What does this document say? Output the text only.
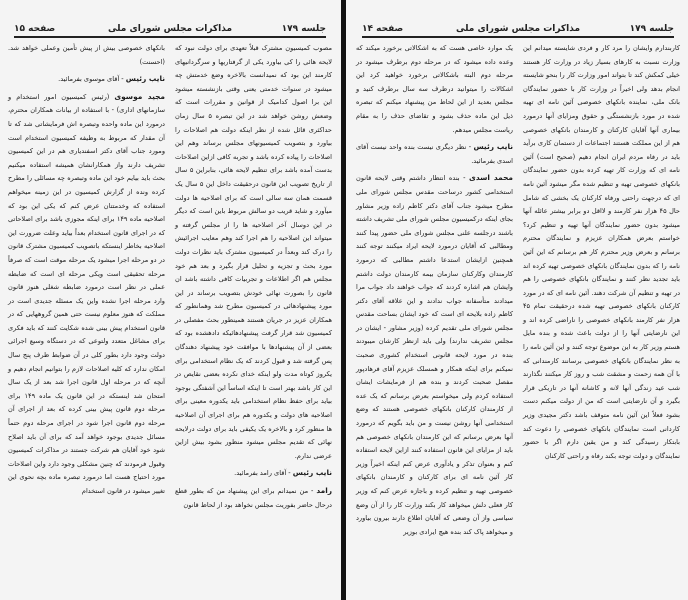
جلسه ۱۷۹
مذاکرات مجلس شورای ملی
صفحه ۱۴

یک موارد خاصی هست که به اشکالاتی برخورد میکند که وعده داده میشود که در مرحله دوم برطرف میشود در مرحله دوم البته باشکالاتی برخورد خواهید کرد این اشکالات را میتوانید درظرف سه سال برطرف کنید و مجلس بعدید از این لحاظ من پیشنهاد میکنم که تبصره ذیل این ماده حذف بشود و تقاضای حذف را به مقام ریاست مجلس میدهم.

نایب رئیس - نظر دیگری نیست بنده واحد نیست آقای اسدی بفرمائید.

محمد اسدی - بنده انتظار داشتم وقتی لایحه قانون استخدامی کشور درساحت مقدس مجلس شورای ملی مطرح میشود جناب آقای دکتر کاظم زاده وزیر مشاور بجای اینکه درکمیسیون مجلس شورای ملی تشریف داشته باشند درجلسه علنی مجلس شورای ملی حضور پیدا کنند ومطالبی که آقایان درمورد لایحه ایراد میکنند توجه کنند همچنین ازایشان استدعا داشتم مطالبی که درمورد کارمندان وکارکنان سازمان بیمه کارمندان دولت داشتم وایشان هم اشاره کردند که جواب خواهند داد جواب مرا میدادند متأسفانه جواب ندادند و این علاقه آقای دکتر کاظم زاده بلایحه ای است که خود ایشان بساحت مقدس مجلس شورای ملی تقدیم کرده (وزیر مشاور - ایشان در مجلس تشریف ندارند) ولی باید ازنظر کارشان میبودند بنده در مورد لایحه قانونی استخدام کشوری صحبت نمیکنم برای اینکه همکار و همسلک عزیزم آقای فرهادپور مفصل صحبت کردند و بنده هم از فرمایشات ایشان استفاده کردم ولی میخواستم بعرض برسانم که یک عده از کارمندان کارکنان بانکهای خصوصی هستند که وضع استخدامی آنها روشن نیست و من باید بگویم که درمورد آنها بعرض برسانم که این کارمندان بانکهای خصوصی هم باید از مزایای این قانون استفاده کنند ازاین لایحه استفاده کنم و بعنوان تذکر و یادآوری عرض کنم اینکه اخیراً وزیر کار آئین نامه ای برای کارکنان و کارمندان بانکهای خصوصی تهیه و تنظیم کرده و باجازه عرض کنم که وزیر کار فعلی دلش میخواهد کار بکند وزارت کار را از آن وضع سیاسی واز آن وضعی که آقایان اطلاع دارند بیرون بیاورد و میخواهد پاک کند بنده هیچ ایرادی بوزیر

کاربندارم وایشان را مرد کار و فردی شایسته میدانم این وزارت نسبت به کارهای بسیار زیاد در وزارت کار هستند خیلی کمکش کند تا بتواند امور وزارت کار را بنحو شایسته انجام بدهد ولی اخیراً در وزارت کار با حضور نمایندگان بانک ملی، نماینده بانکهای خصوصی آئین نامه ای تهیه شده در مورد بازنشستگی و حقوق ومزایای آنها درمورد بیماری آنها آقایان کارکنان و کارمندان بانکهای خصوصی هم از این مملکت هستند اجتماعات از دستمان کاری برآید باید در رفاه مردم ایران انجام دهیم (صحیح است) آئین نامه ای که وزارت کار تهیه کرده بدون حضور نمایندگان بانکهای خصوصی تهیه و تنظیم شده مگر میشود آئین نامه ای که درجهت راحتی ورفاه کارکنان یک بخشی که شامل حال ۴۵ هزار نفر کارمند و لااقل دو برابر بیشتر عائله آنها میشود بدون حضور نمایندگان آنها تهیه و تنظیم کرد؟ خواستم بعرض همکاران عزیزم و نمایندگان محترم برسانم و بعرض وزیر محترم کار هم برسانم که این آئین نامه را که بدون نمایندگان بانکهای خصوصی تهیه کرده اند باید تجدید نظر کنند و نمایندگان بانکهای خصوصی را هم در تهیه و تنظیم آن شرکت دهند. آئین نامه ای که در مورد کارکنان بانکهای خصوصی تهیه شده درحقیقت تمام ۴۵ هزار نفر کارمند بانکهای خصوصی را ناراضی کرده اند و این نارضایتی آنها را از دولت باعث شده و بنده مایل هستم وزیر کار به این موضوع توجه کنند و این آئین نامه را به نظر نمایندگان بانکهای خصوصی برسانند کارمندانی که با آن همه زحمت و مشقت شب و روز کار میکنند نگذارند شب عید زندگی آنها لانه و کاشانه آنها در تاریکی قرار بگیرد و آن نارضایتی است که من از دولت میکنم دست بشود فعلاً این آئین نامه متوقف باشد دکتر مجیدی وزیر کاردانی است نمایندگان بانکهای خصوصی را دعوت کند بابتکار رسیدگی کند و من یقین دارم اگر با حضور نمایندگان و دولت توجه بکند رفاه و راحتی کارکنان

جلسه ۱۷۹
مذاکرات مجلس شورای ملی
صفحه ۱۵

بانکهای خصوصی بیش از پیش تأمین وعملی خواهد شد. (احسنت)

نایب رئیس - آقای موسوی بفرمائید.

مجید موسوی (رئیس کمیسیون امور استخدام و سازمانهای اداری) - با استفاده از بیانات همکاران محترم، درمورد این ماده واحده وتبصره اش فرمایشاتی شد که تا آن مقدار که مربوط به وظیفه کمیسیون استخدام است ومورد جناب آقای دکتر اسفندیاری هم در این کمیسیون تشریف دارند واز همکارانشان همیشه استفاده میکنیم بحث باید بیایم خود این ماده وتبصره چه مسائلی را مطرح کرده ونده از گزارش کمیسیون در این زمینه میخواهم استفاده که وخدمتتان عرض کنم که یکی این بود که اصلاحیه ماده ۱۴۹ برای اینکه مجوزی باشد برای اصلاحاتی که در اجرای قانون استخدام بعداً بیاید وعلت ضرورت این اصلاحیه بخاطر اینستکه باتصویب کمیسیون مشترک قانون در دو مرحله اجرا میشود یک مرحله موقت است که صرفاً مرحله تحقیقی است ویکی مرحله ای است که ضابطه عملی در نظر است درمورد ضابطه شغلی هنوز قانون وارد مرحله اجرا نشده واین یک مسئله جدیدی است در مملکت که هنوز معلوم نیست حتی همین گروههایی که در قانون استخدام پیش بینی شده شکایت کنند که باید فکری برای مشاغل متعدد ولتوعی که در دستگاه وسیع اجرائی دولت وجود دارد بطور کلی در آن ضوابط ظرف پنج سال امکان ندارد که کلیه اصلاحات لازم را بتوانیم انجام دهیم و آنچه که در مرحله اول قانون اجرا شد بعد از یک سال امتحان شد اینستکه در این قانون یک ماده ۱۴۹ برای مرحله دوم قانون پیش بینی کرده که بعد از اجرای آن مرحله دوم قانون اجرا شود در اجرای مرحله دوم حتماً مسائل جدیدی بوجود خواهد آمد که برای آن باید اصلاح شود خود آقایان هم شرکت جستند در مذاکرات کمیسیون وقبول فرمودند که چنین مشکلی وجود دارد واین اصلاحات مورد احتیاج هست اما درمورد تبصره ماده بچه نحوی این تغییر میشود در قانون استخدام

مصوب کمیسیون مشترک قبلاً تعهدی برای دولت نبود که لایحه هائی را کی بیاورد یکی از گرفتاریها و سرگردانیهای کارمند این بود که نمیدانست بالاخره وضع خدمتش چه میشود در سنوات خدمتی یعنی وقتی بازنشسته میشود این برا اصول کدامیک از قوانین و مقررات است که وضعش روشن خواهد شد در این تبصره ۵ سال زمان حداکثری قائل شده از نظر اینکه دولت هم اصلاحات را بیاورد و بتصویب کمیسیونهای مجلس برساند وهم این اصلاحات را پیاده کرده باشد و تجربه کافی ازاین اصلاحات بدست آمده باشد برای تنظیم لایحه هائی، بنابراین ۵ سال از تاریخ تصویب این قانون درحقیقت داخل این ۵ سال یک قسمت همان سه سالی است که برای اصلاحیه ها دولت میآورد و شاید قریب دو سالش مربوط باین است که دیگر در این دوسال آخر اصلاحیه ها را از مجلس گرفته و میتواند این اصلاحیه را هم اجرا کند وهم معایب اجرائیش را درک کند وبعداً در کمیسیون مشترک باید نظرات دولت مورد بحث و تجزیه و تحلیل قرار بگیرد و بعد هم خود مجلس هم اگر اطلاعات و تجربیات کافی داشته باشد ان قانون را بصورت نهائی خودش بتصویب برساند در این مورد پیشنهادهائی در کمیسیون مطرح شد وهمانطور که همکاران عزیز در جریان هستند همینطور بحث مفصلی در کمیسیون شد قرار گرفت پیشنهادهائیکه دادهشده بود که بعضی از آن پیشنهادها با موافقت خود پیشنهاد دهندگان پس گرفته شد و قبول کردند که یک نظام استخدامی برای یکروز کوتاه مدت ولو اینکه خدای نکرده بعضی نقایص در این کار باشد بهتر است تا اینکه اساساً این آشفتگی بوجود بیاید برای حفظ نظام استخدامی باید یکدوره معینی برای اصلاحیه های دولت و یکدوره هم برای اجرای آن اصلاحیه ها منظور کرد و بالاخره یک یکیفی باید برای دولت درلایحه نهائی که تقدیم مجلس میشود منظور بشود بیش ازاین عرضی ندارم.

نایب رئیس - آقای رامد بفرمائید.

رامد - من نمیدانم برای این پیشنهاد من که بطور قطع درحال حاضر بفوریت مجلس نخواهد بود از لحاظ قانون
